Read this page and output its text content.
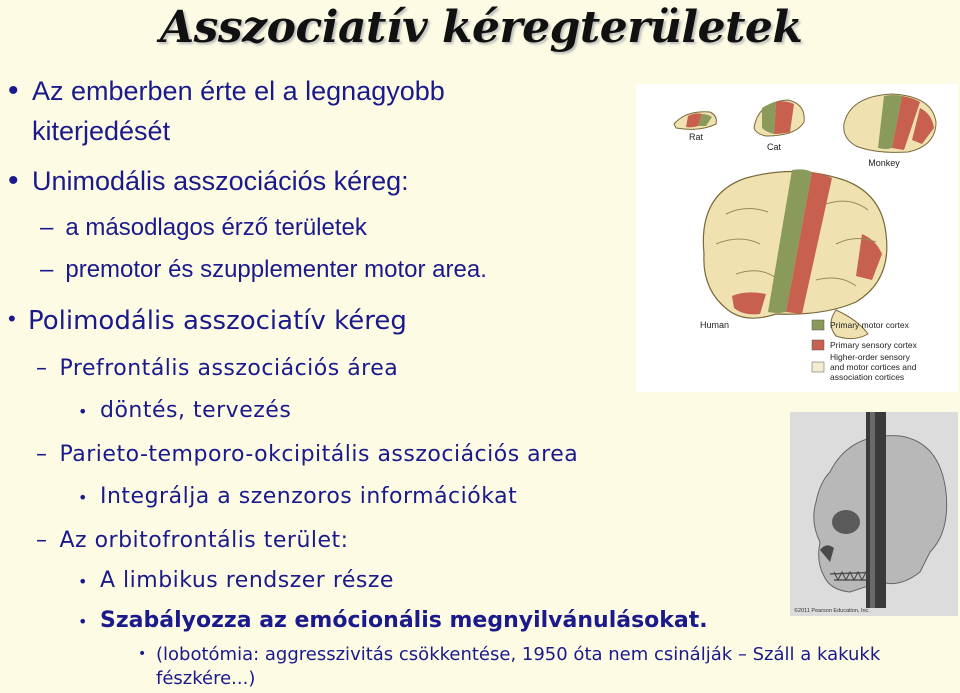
Asszociatív kéregterületek
• Az emberben érte el a legnagyobb
kiterjedését
• Unimodális asszociációs kéreg:
– a másodlagos érző területek
– premotor és szupplementer motor area.
• Polimodális asszociatív kéreg
– Prefrontális asszociációs área
• döntés, tervezés
– Parieto-temporo-okcipitális asszociációs area
• Integrálja a szenzoros információkat
– Az orbitofrontális terület:
• A limbikus rendszer része
• Szabályozza az emócionális megnyilvánulásokat.
• (lobotómia: aggresszivitás csökkentése, 1950 óta nem csinálják – Száll a kakukk
fészkére...)
Rat
Cat
Monkey
Human	Primary motor cortex
Primary sensory cortex
Higher-order sensory
and motor cortices and
association cortices
©2011 Pearson Education, Inc.
